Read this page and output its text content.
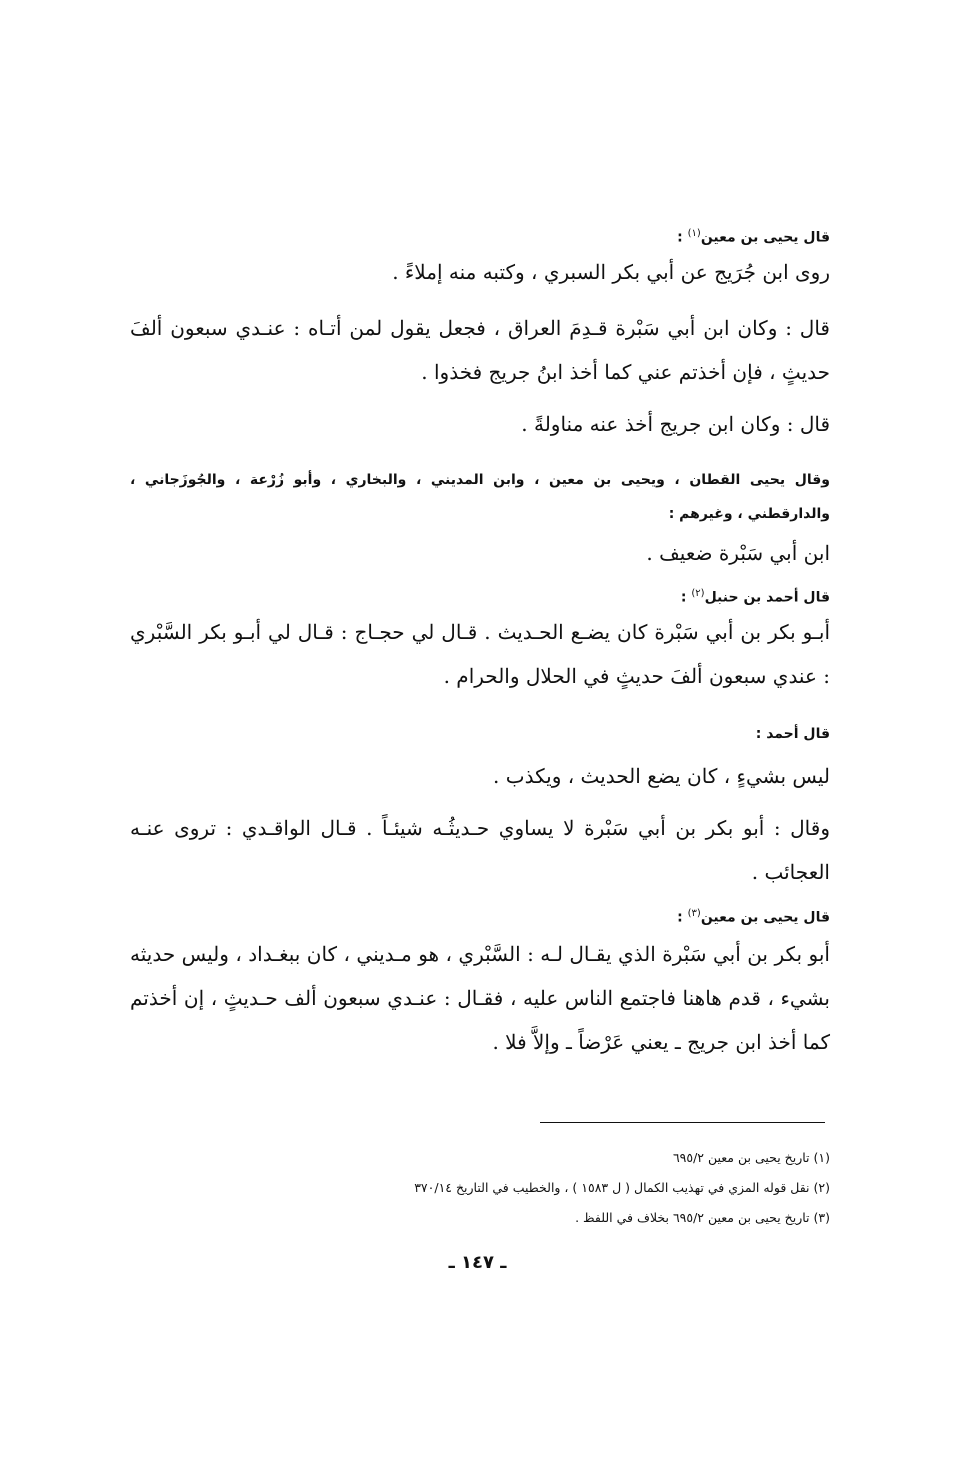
قال يحيى بن معين$^{(١)}$ :
روى ابن جُرَيج عن أبي بكر السبري ، وكتبه منه إملاءً .
قال : وكان ابن أبي سَبْرة قـدِمَ العراق ، فجعل يقول لمن أتـاه : عنـدي سبعون ألفَ حديثٍ ، فإن أخذتم عني كما أخذ ابنُ جريج فخذوا .
قال : وكان ابن جريج أخذ عنه مناولةً .
وقال يحيى القطان ، ويحيى بن معين ، وابن المديني ، والبخاري ، وأبو زُرْعة ، والجُوزَجاني ، والدارقطني ، وغيرهم :
ابن أبي سَبْرة ضعيف .
قال أحمد بن حنبل$^{(٢)}$ :
أبـو بكر بن أبي سَبْرة كان يضـع الحـديث . قـال لي حجـاج : قـال لي أبـو بكر السَّبْري : عندي سبعون ألفَ حديثٍ في الحلال والحرام .
قال أحمد :
ليس بشيءٍ ، كان يضع الحديث ، ويكذب .
وقال : أبو بكر بن أبي سَبْرة لا يساوي حـديثُـه شيئـاً . قـال الواقـدي : تروى عنـه العجائب .
قال يحيى بن معين$^{(٣)}$ :
أبو بكر بن أبي سَبْرة الذي يقـال لـه : السَّبْري ، هو مـديني ، كان ببغـداد ، وليس حديثه بشيء ، قدم هاهنا فاجتمع الناس عليه ، فقـال : عنـدي سبعون ألف حـديثٍ ، إن أخذتم كما أخذ ابن جريج ـ يعني عَرْضاً ـ وإلاَّ فلا .
(١) تاريخ يحيى بن معين ٦٩٥/٢
(٢) نقل قوله المزي في تهذيب الكمال ( ل ١٥٨٣ ) ، والخطيب في التاريخ ٣٧٠/١٤
(٣) تاريخ يحيى بن معين ٦٩٥/٢ بخلاف في اللفظ .
ـ ١٤٧ ـ
